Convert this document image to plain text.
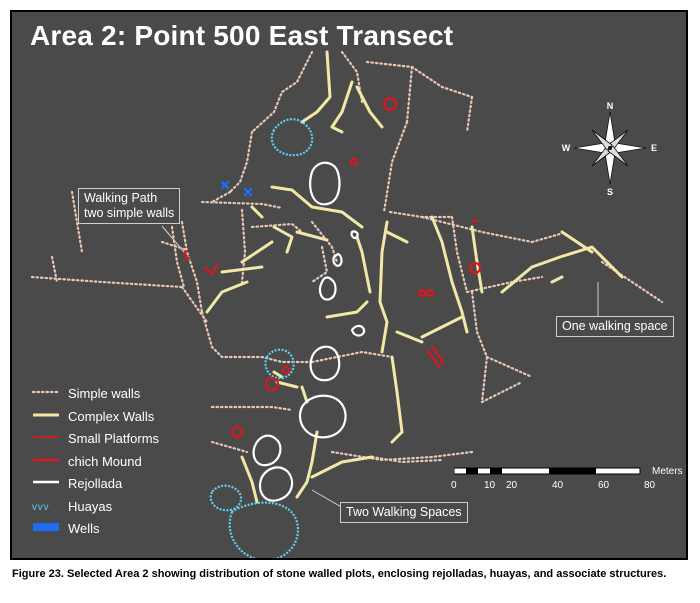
N
S
E
W
Area 2: Point 500 East Transect
Walking Path
two simple walls
One walking space
Two Walking Spaces
Simple walls
Complex Walls
Small Platforms
chich Mound
Rejollada
v v v	Huayas
Wells
0	10 20	40	60	80
Meters
Figure 23. Selected Area 2 showing distribution of stone walled plots, enclosing rejolladas, huayas, and associate structures.
